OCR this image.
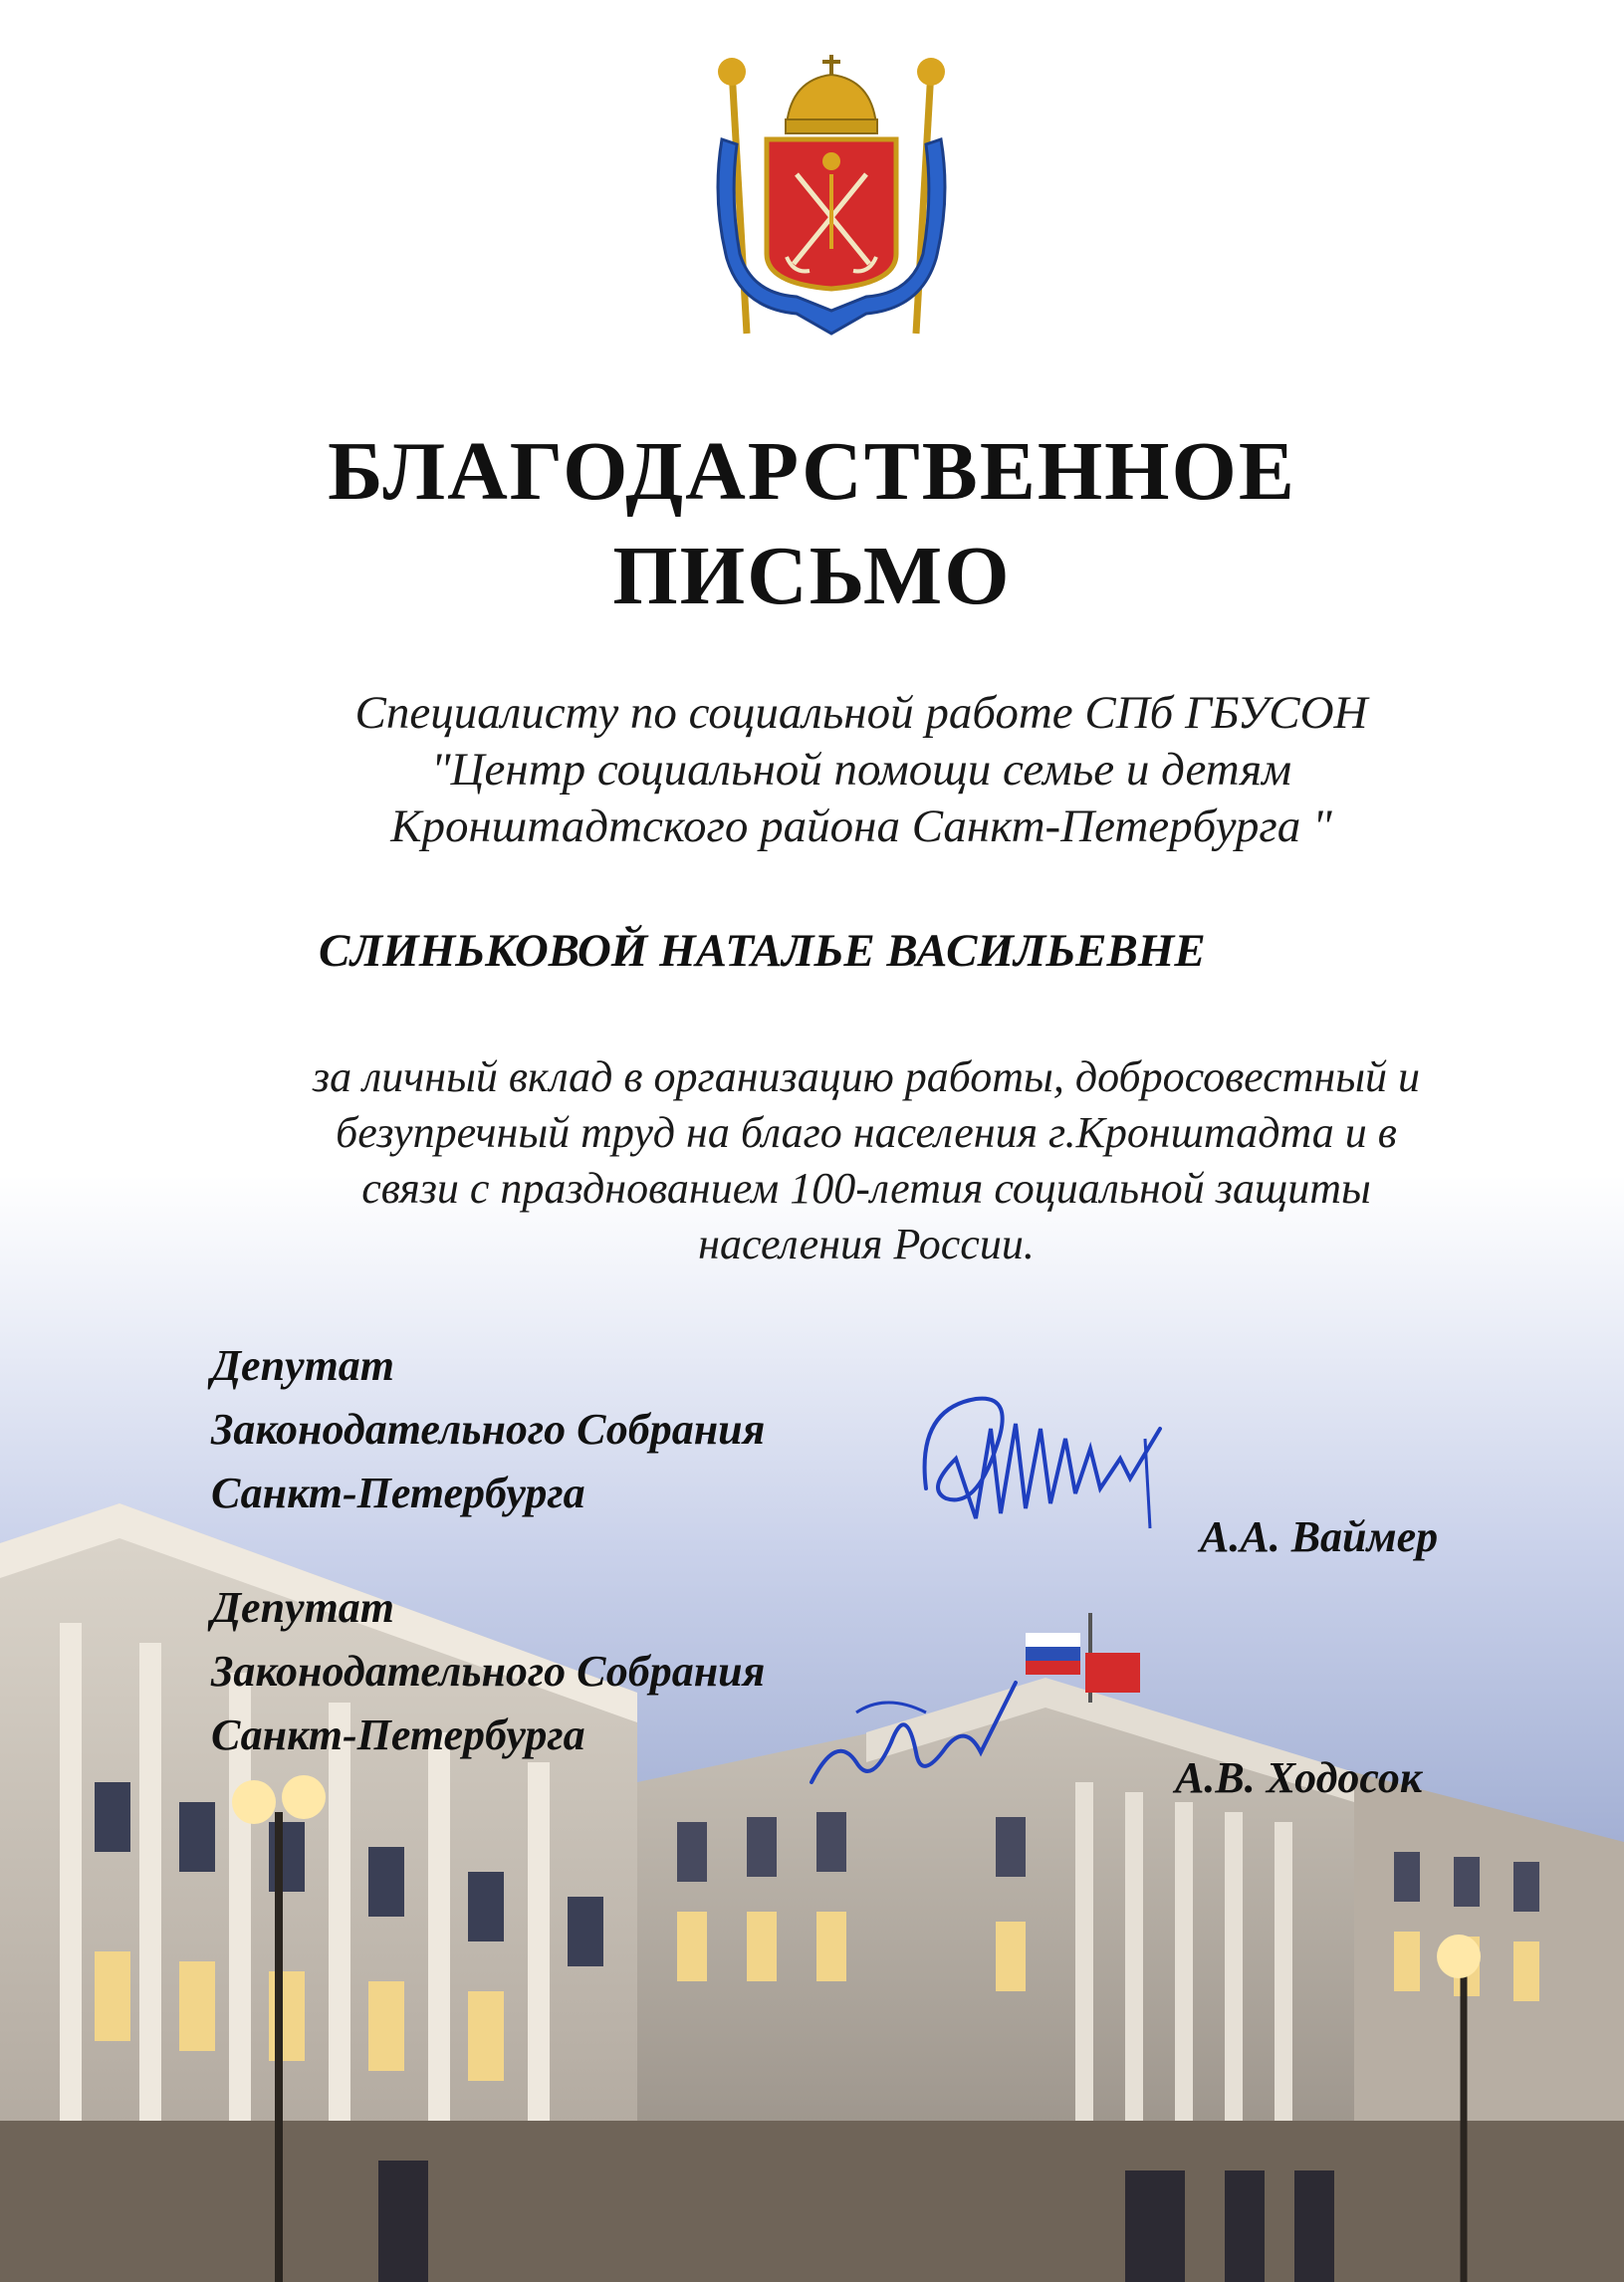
БЛАГОДАРСТВЕННОЕ
ПИСЬМО
Специалисту по социальной работе СПб ГБУСОН
"Центр социальной помощи семье и детям
Кронштадтского района Санкт-Петербурга "
СЛИНЬКОВОЙ НАТАЛЬЕ ВАСИЛЬЕВНЕ
за личный вклад в организацию работы, добросовестный и
безупречный труд на благо населения г.Кронштадта и в
связи с празднованием 100-летия социальной защиты
населения России.
Депутат
Законодательного Собрания
Санкт-Петербурга
А.А. Ваймер
Депутат
Законодательного Собрания
Санкт-Петербурга
А.В. Ходосок
